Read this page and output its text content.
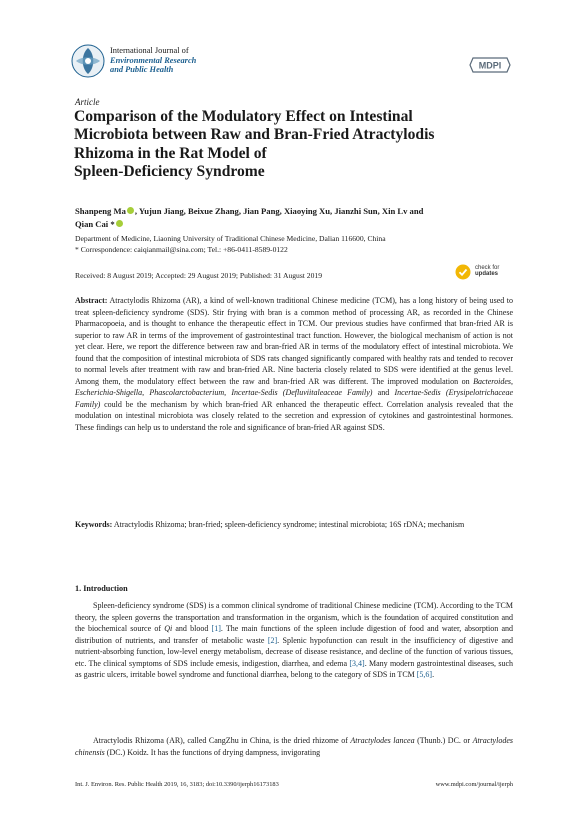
International Journal of
Environmental Research
and Public Health	MDPI
Article
Comparison of the Modulatory Effect on Intestinal
Microbiota between Raw and Bran-Fried Atractylodis
Rhizoma in the Rat Model of
Spleen-Deficiency Syndrome
Shanpeng Ma , Yujun Jiang, Beixue Zhang, Jian Pang, Xiaoying Xu, Jianzhi Sun, Xin Lv and
Qian Cai *
Department of Medicine, Liaoning University of Traditional Chinese Medicine, Dalian 116600, China
* Correspondence: caiqianmail@sina.com; Tel.: +86-0411-8589-0122
Received: 8 August 2019; Accepted: 29 August 2019; Published: 31 August 2019
check for
updates
Abstract: Atractylodis Rhizoma (AR), a kind of well-known traditional Chinese medicine (TCM), has a long history of being used to treat spleen-deficiency syndrome (SDS). Stir frying with bran is a common method of processing AR, as recorded in the Chinese Pharmacopoeia, and is thought to enhance the therapeutic effect in TCM. Our previous studies have confirmed that bran-fried AR is superior to raw AR in terms of the improvement of gastrointestinal tract function. However, the biological mechanism of action is not yet clear. Here, we report the difference between raw and bran-fried AR in terms of the modulatory effect of intestinal microbiota. We found that the composition of intestinal microbiota of SDS rats changed significantly compared with healthy rats and tended to recover to normal levels after treatment with raw and bran-fried AR. Nine bacteria closely related to SDS were identified at the genus level. Among them, the modulatory effect between the raw and bran-fried AR was different. The improved modulation on Bacteroides, Escherichia-Shigella, Phascolarctobacterium, Incertae-Sedis (Defluviitaleaceae Family) and Incertae-Sedis (Erysipelotrichaceae Family) could be the mechanism by which bran-fried AR enhanced the therapeutic effect. Correlation analysis revealed that the modulation on intestinal microbiota was closely related to the secretion and expression of cytokines and gastrointestinal hormones. These findings can help us to understand the role and significance of bran-fried AR against SDS.
Keywords: Atractylodis Rhizoma; bran-fried; spleen-deficiency syndrome; intestinal microbiota; 16S rDNA; mechanism
1. Introduction
Spleen-deficiency syndrome (SDS) is a common clinical syndrome of traditional Chinese medicine (TCM). According to the TCM theory, the spleen governs the transportation and transformation in the organism, which is the foundation of acquired constitution and the biochemical source of Qi and blood [1]. The main functions of the spleen include digestion of food and water, absorption and distribution of nutrients, and transfer of metabolic waste [2]. Splenic hypofunction can result in the insufficiency of digestive and nutrient-absorbing function, low-level energy metabolism, decrease of disease resistance, and decline of the function of various tissues, etc. The clinical symptoms of SDS include emesis, indigestion, diarrhea, and edema [3,4]. Many modern gastrointestinal diseases, such as gastric ulcers, irritable bowel syndrome and functional diarrhea, belong to the category of SDS in TCM [5,6].
Atractylodis Rhizoma (AR), called CangZhu in China, is the dried rhizome of Atractylodes lancea (Thunb.) DC. or Atractylodes chinensis (DC.) Koidz. It has the functions of drying dampness, invigorating
Int. J. Environ. Res. Public Health 2019, 16, 3183; doi:10.3390/ijerph16173183	www.mdpi.com/journal/ijerph
